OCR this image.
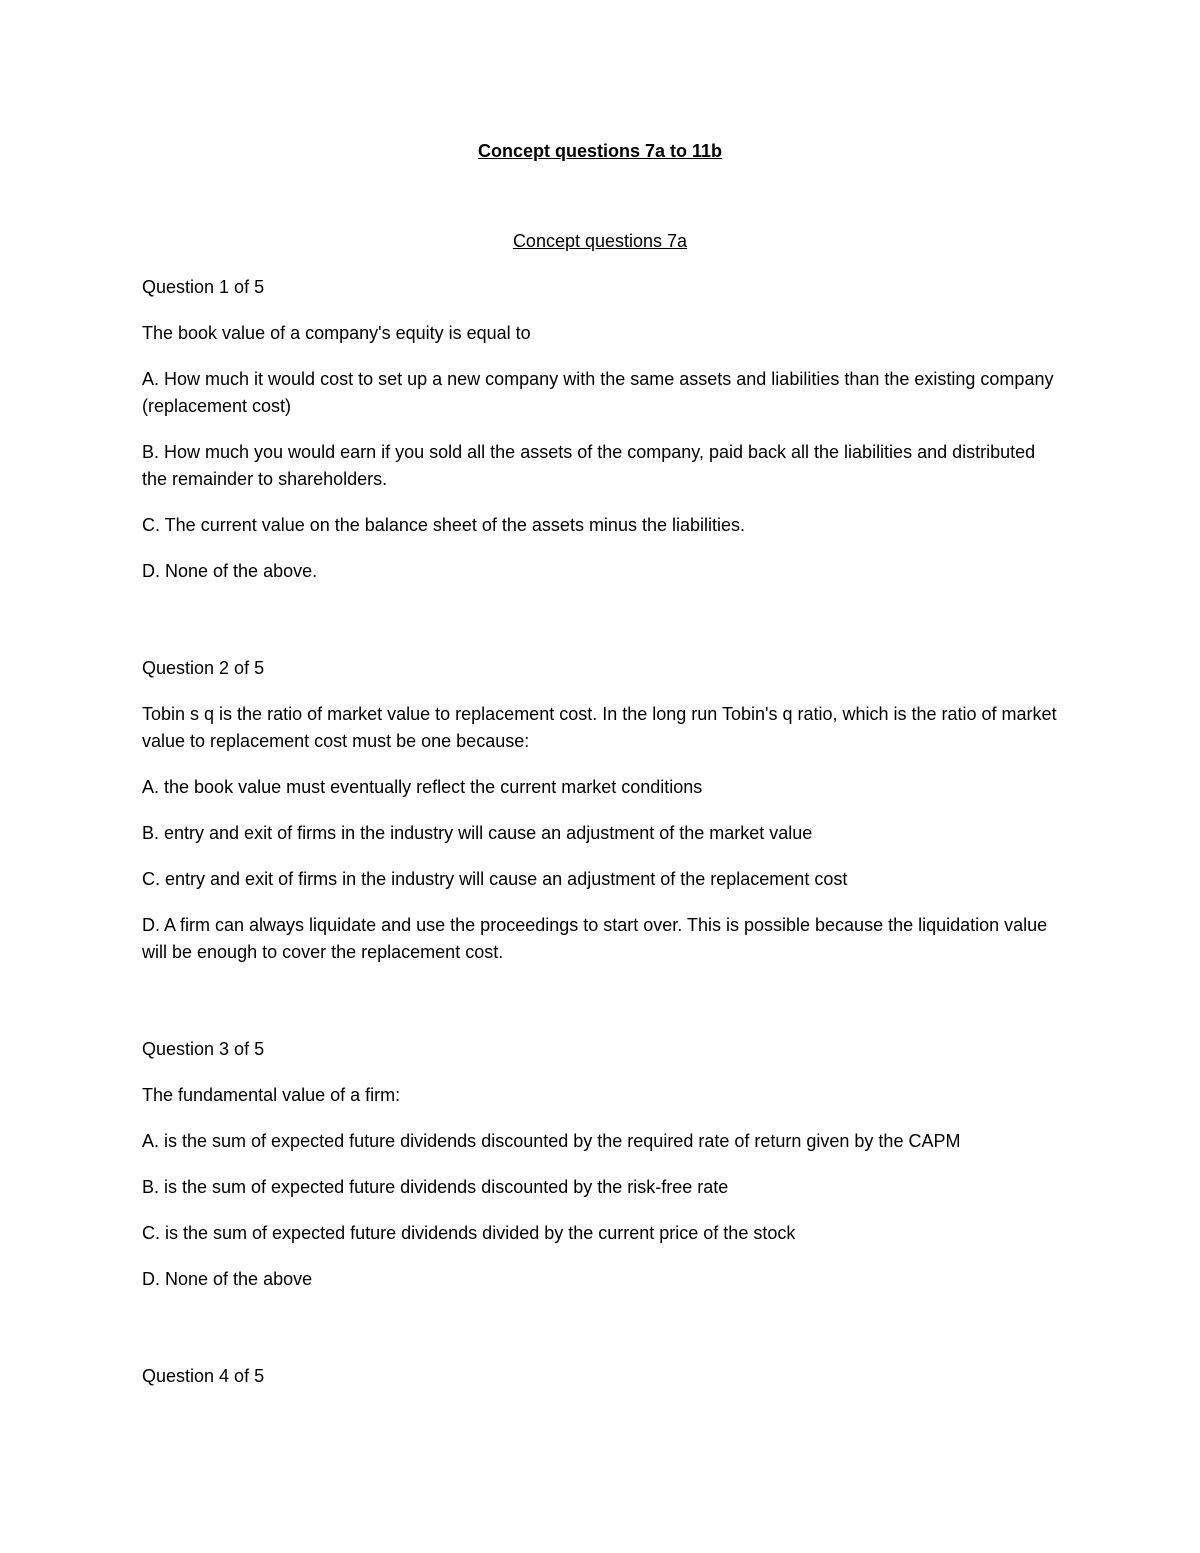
Concept questions 7a to 11b
Concept questions 7a
Question 1 of 5
The book value of a company's equity is equal to
A. How much it would cost to set up a new company with the same assets and liabilities than the existing company (replacement cost)
B. How much you would earn if you sold all the assets of the company, paid back all the liabilities and distributed the remainder to shareholders.
C. The current value on the balance sheet of the assets minus the liabilities.
D. None of the above.
Question 2 of 5
Tobin s q is the ratio of market value to replacement cost. In the long run Tobin's q ratio, which is the ratio of market value to replacement cost must be one because:
A. the book value must eventually reflect the current market conditions
B. entry and exit of firms in the industry will cause an adjustment of the market value
C. entry and exit of firms in the industry will cause an adjustment of the replacement cost
D. A firm can always liquidate and use the proceedings to start over. This is possible because the liquidation value will be enough to cover the replacement cost.
Question 3 of 5
The fundamental value of a firm:
A. is the sum of expected future dividends discounted by the required rate of return given by the CAPM
B. is the sum of expected future dividends discounted by the risk-free rate
C. is the sum of expected future dividends divided by the current price of the stock
D. None of the above
Question 4 of 5
